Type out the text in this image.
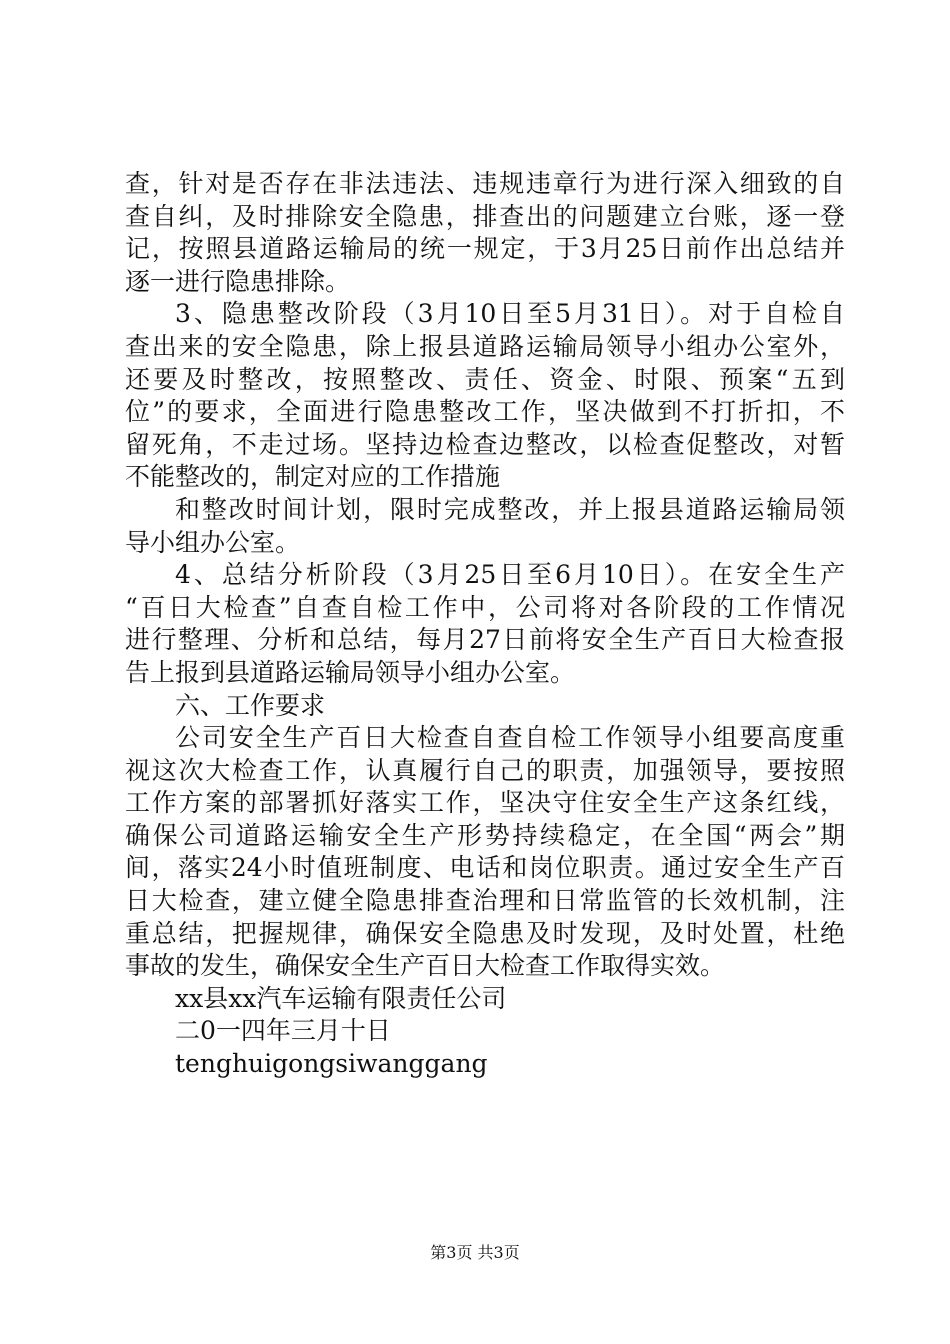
查，针对是否存在非法违法、违规违章行为进行深入细致的自
查自纠，及时排除安全隐患，排查出的问题建立台账，逐一登
记，按照县道路运输局的统一规定，于3月25日前作出总结并
逐一进行隐患排除。
3、隐患整改阶段（3月10日至5月31日）。对于自检自
查出来的安全隐患，除上报县道路运输局领导小组办公室外，
还要及时整改，按照整改、责任、资金、时限、预案“五到
位”的要求，全面进行隐患整改工作，坚决做到不打折扣，不
留死角，不走过场。坚持边检查边整改，以检查促整改，对暂
不能整改的，制定对应的工作措施
和整改时间计划，限时完成整改，并上报县道路运输局领
导小组办公室。
4、总结分析阶段（3月25日至6月10日）。在安全生产
“百日大检查”自查自检工作中，公司将对各阶段的工作情况
进行整理、分析和总结，每月27日前将安全生产百日大检查报
告上报到县道路运输局领导小组办公室。
六、工作要求
公司安全生产百日大检查自查自检工作领导小组要高度重
视这次大检查工作，认真履行自己的职责，加强领导，要按照
工作方案的部署抓好落实工作，坚决守住安全生产这条红线，
确保公司道路运输安全生产形势持续稳定，在全国“两会”期
间，落实24小时值班制度、电话和岗位职责。通过安全生产百
日大检查，建立健全隐患排查治理和日常监管的长效机制，注
重总结，把握规律，确保安全隐患及时发现，及时处置，杜绝
事故的发生，确保安全生产百日大检查工作取得实效。
xx县xx汽车运输有限责任公司
二0一四年三月十日
tenghuigongsiwanggang
第3页 共3页
